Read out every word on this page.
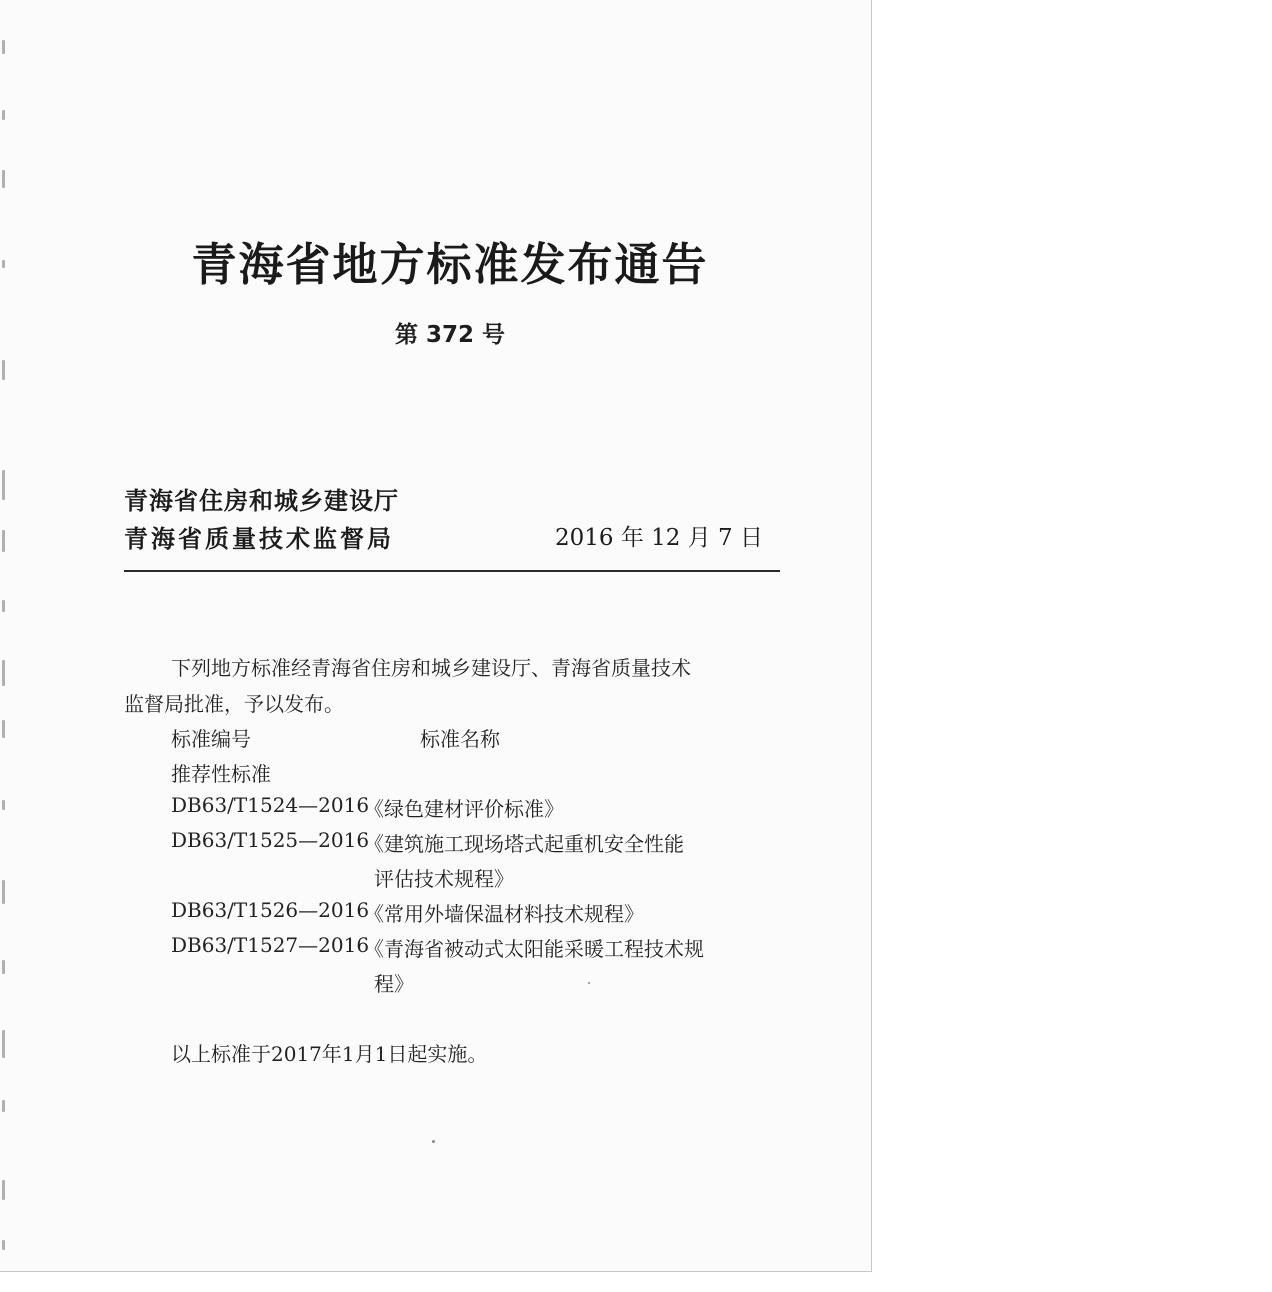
青海省地方标准发布通告
第 372 号
青海省住房和城乡建设厅
青海省质量技术监督局	2016 年 12 月 7 日
下列地方标准经青海省住房和城乡建设厅、青海省质量技术
监督局批准，予以发布。
标准编号	标准名称
推荐性标准
DB63/T1524—2016
《绿色建材评价标准》
DB63/T1525—2016
《建筑施工现场塔式起重机安全性能
评估技术规程》
DB63/T1526—2016
《常用外墙保温材料技术规程》
DB63/T1527—2016
《青海省被动式太阳能采暖工程技术规
程》
以上标准于2017年1月1日起实施。
